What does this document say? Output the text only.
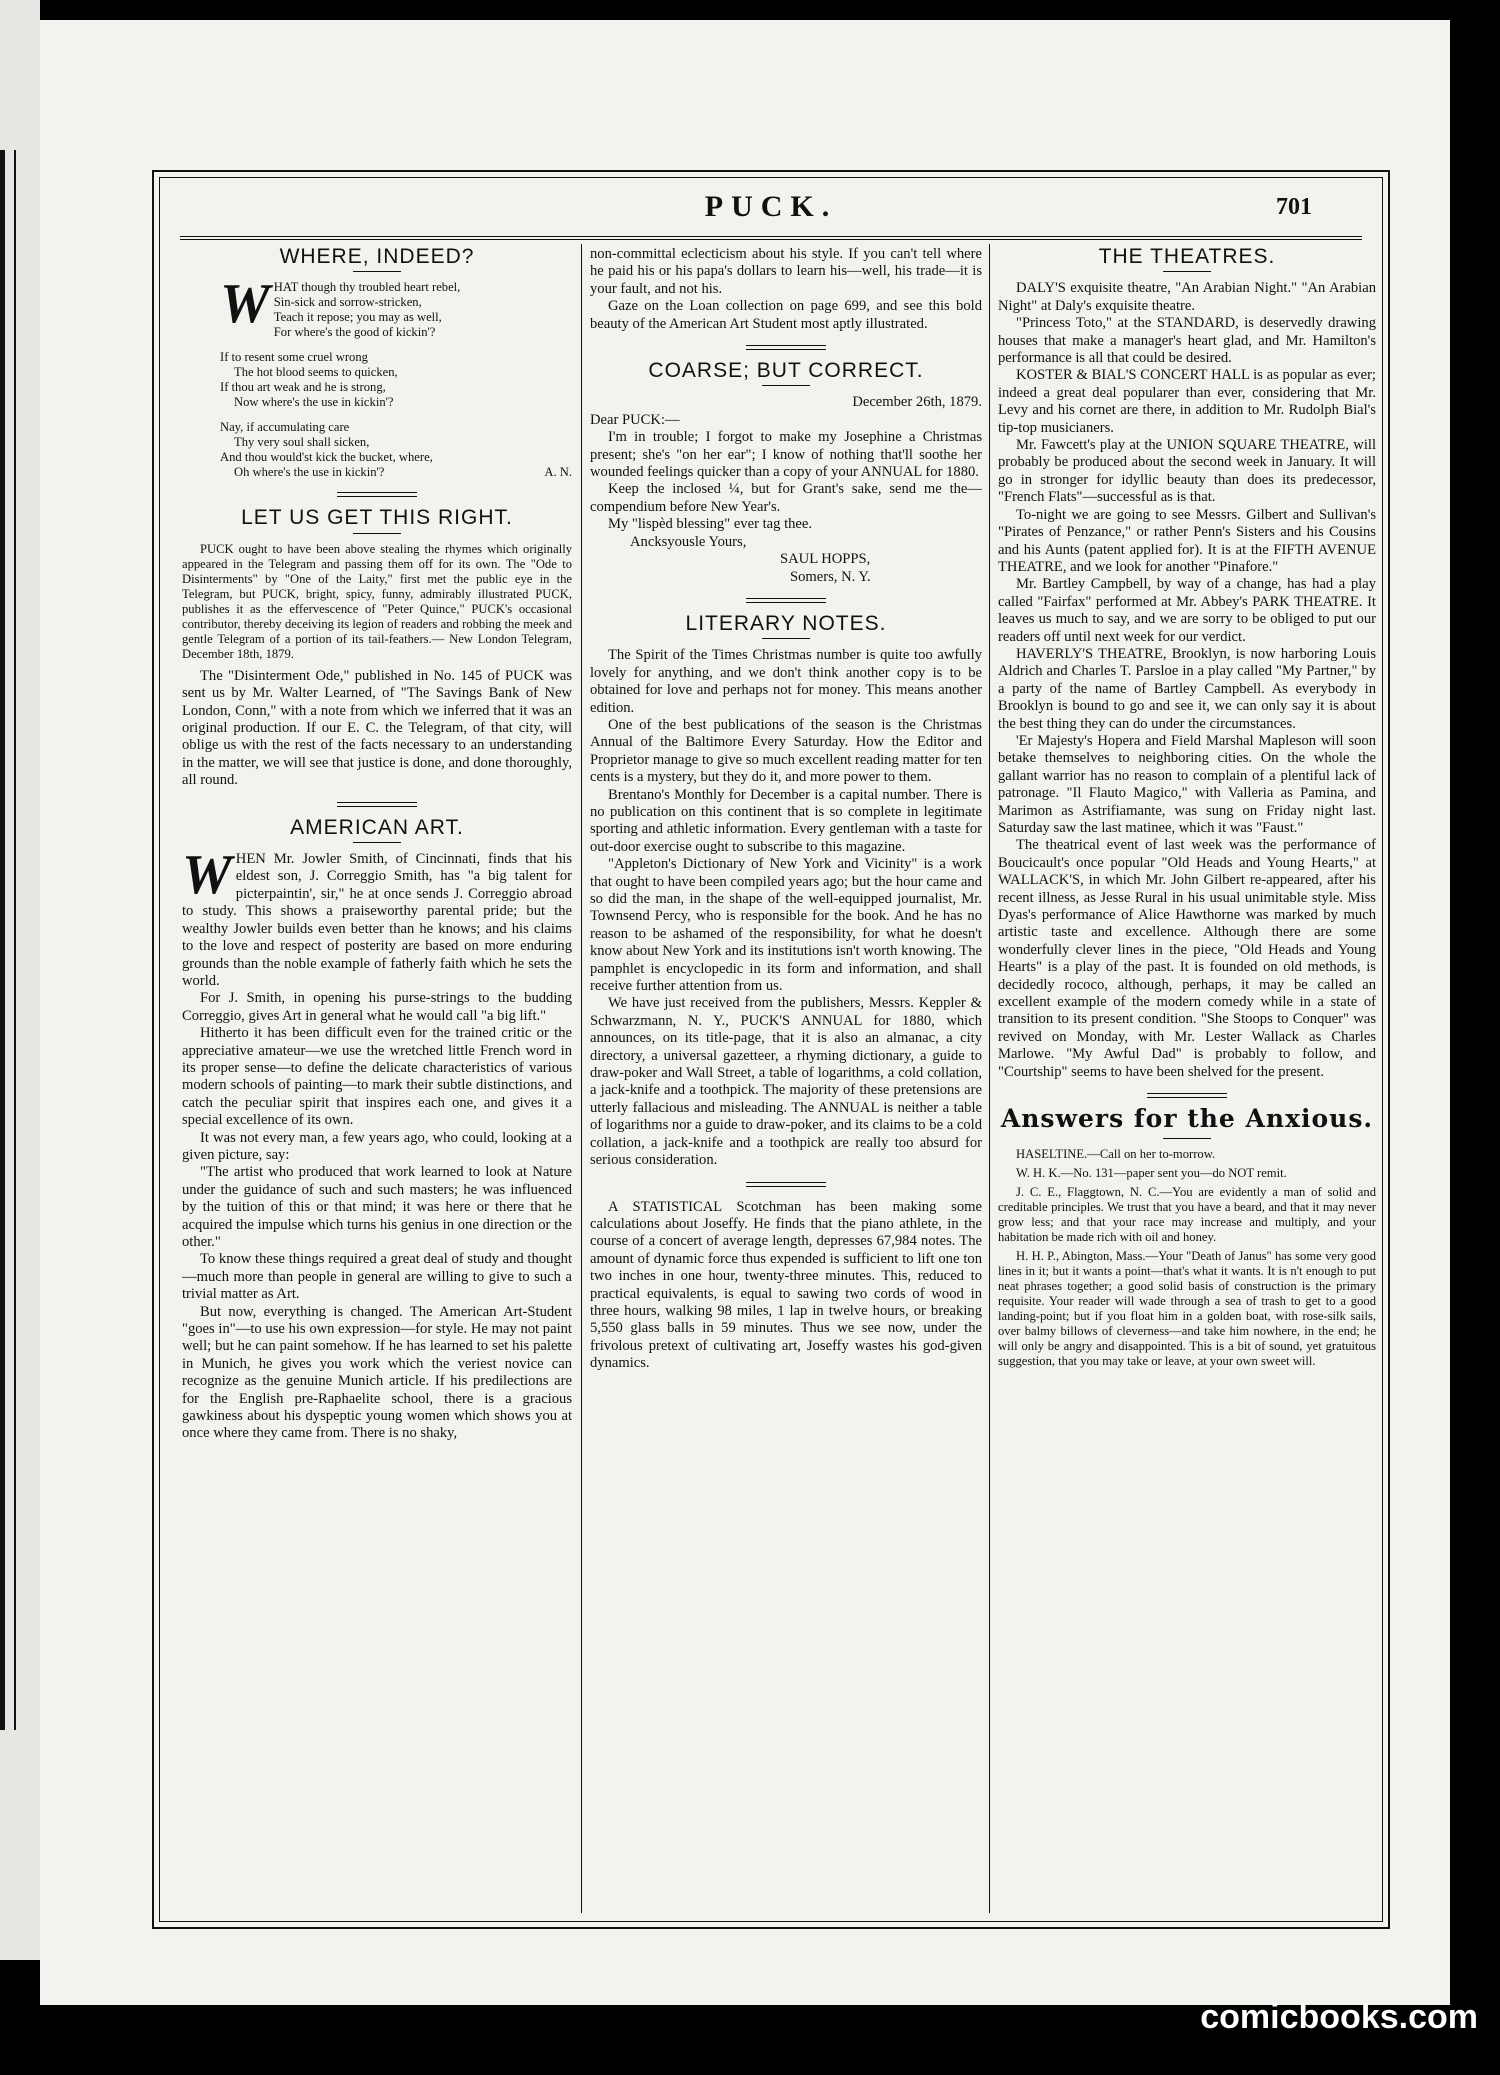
PUCK.	701
WHERE, INDEED?
W HAT though thy troubled heart rebel,
Sin-sick and sorrow-stricken,
Teach it repose; you may as well,
For where's the good of kickin'?
If to resent some cruel wrong
The hot blood seems to quicken,
If thou art weak and he is strong,
Now where's the use in kickin'?
Nay, if accumulating care
Thy very soul shall sicken,
And thou would'st kick the bucket, where,
Oh where's the use in kickin'?	A. N.
LET US GET THIS RIGHT.

PUCK ought to have been above stealing the rhymes which originally appeared in the Telegram and passing them off for its own. The "Ode to Disinterments" by "One of the Laity," first met the public eye in the Telegram, but PUCK, bright, spicy, funny, admirably illustrated PUCK, publishes it as the effervescence of "Peter Quince," PUCK's occasional contributor, thereby deceiving its legion of readers and robbing the meek and gentle Telegram of a portion of its tail-feathers.— New London Telegram, December 18th, 1879.

The "Disinterment Ode," published in No. 145 of PUCK was sent us by Mr. Walter Learned, of "The Savings Bank of New London, Conn," with a note from which we inferred that it was an original production. If our E. C. the Telegram, of that city, will oblige us with the rest of the facts necessary to an understanding in the matter, we will see that justice is done, and done thoroughly, all round.

AMERICAN ART.

WHEN Mr. Jowler Smith, of Cincinnati, finds that his eldest son, J. Correggio Smith, has "a big talent for picterpaintin', sir," he at once sends J. Correggio abroad to study. This shows a praiseworthy parental pride; but the wealthy Jowler builds even better than he knows; and his claims to the love and respect of posterity are based on more enduring grounds than the noble example of fatherly faith which he sets the world.

For J. Smith, in opening his purse-strings to the budding Correggio, gives Art in general what he would call "a big lift."

Hitherto it has been difficult even for the trained critic or the appreciative amateur—we use the wretched little French word in its proper sense—to define the delicate characteristics of various modern schools of painting—to mark their subtle distinctions, and catch the peculiar spirit that inspires each one, and gives it a special excellence of its own.

It was not every man, a few years ago, who could, looking at a given picture, say:

"The artist who produced that work learned to look at Nature under the guidance of such and such masters; he was influenced by the tuition of this or that mind; it was here or there that he acquired the impulse which turns his genius in one direction or the other."

To know these things required a great deal of study and thought—much more than people in general are willing to give to such a trivial matter as Art.

But now, everything is changed. The American Art-Student "goes in"—to use his own expression—for style. He may not paint well; but he can paint somehow. If he has learned to set his palette in Munich, he gives you work which the veriest novice can recognize as the genuine Munich article. If his predilections are for the English pre-Raphaelite school, there is a gracious gawkiness about his dyspeptic young women which shows you at once where they came from. There is no shaky,

non-committal eclecticism about his style. If you can't tell where he paid his or his papa's dollars to learn his—well, his trade—it is your fault, and not his.

Gaze on the Loan collection on page 699, and see this bold beauty of the American Art Student most aptly illustrated.

COARSE; BUT CORRECT.
December 26th, 1879.

Dear PUCK:—

I'm in trouble; I forgot to make my Josephine a Christmas present; she's "on her ear"; I know of nothing that'll soothe her wounded feelings quicker than a copy of your ANNUAL for 1880.

Keep the inclosed ¼, but for Grant's sake, send me the—compendium before New Year's.

My "lispèd blessing" ever tag thee.

Ancksyousle Yours,

SAUL HOPPS,
Somers, N. Y.
LITERARY NOTES.

The Spirit of the Times Christmas number is quite too awfully lovely for anything, and we don't think another copy is to be obtained for love and perhaps not for money. This means another edition.

One of the best publications of the season is the Christmas Annual of the Baltimore Every Saturday. How the Editor and Proprietor manage to give so much excellent reading matter for ten cents is a mystery, but they do it, and more power to them.

Brentano's Monthly for December is a capital number. There is no publication on this continent that is so complete in legitimate sporting and athletic information. Every gentleman with a taste for out-door exercise ought to subscribe to this magazine.

"Appleton's Dictionary of New York and Vicinity" is a work that ought to have been compiled years ago; but the hour came and so did the man, in the shape of the well-equipped journalist, Mr. Townsend Percy, who is responsible for the book. And he has no reason to be ashamed of the responsibility, for what he doesn't know about New York and its institutions isn't worth knowing. The pamphlet is encyclopedic in its form and information, and shall receive further attention from us.

We have just received from the publishers, Messrs. Keppler & Schwarzmann, N. Y., PUCK'S ANNUAL for 1880, which announces, on its title-page, that it is also an almanac, a city directory, a universal gazetteer, a rhyming dictionary, a guide to draw-poker and Wall Street, a table of logarithms, a cold collation, a jack-knife and a toothpick. The majority of these pretensions are utterly fallacious and misleading. The ANNUAL is neither a table of logarithms nor a guide to draw-poker, and its claims to be a cold collation, a jack-knife and a toothpick are really too absurd for serious consideration.

A STATISTICAL Scotchman has been making some calculations about Joseffy. He finds that the piano athlete, in the course of a concert of average length, depresses 67,984 notes. The amount of dynamic force thus expended is sufficient to lift one ton two inches in one hour, twenty-three minutes. This, reduced to practical equivalents, is equal to sawing two cords of wood in three hours, walking 98 miles, 1 lap in twelve hours, or breaking 5,550 glass balls in 59 minutes. Thus we see now, under the frivolous pretext of cultivating art, Joseffy wastes his god-given dynamics.

THE THEATRES.

DALY'S exquisite theatre, "An Arabian Night." "An Arabian Night" at Daly's exquisite theatre.

"Princess Toto," at the STANDARD, is deservedly drawing houses that make a manager's heart glad, and Mr. Hamilton's performance is all that could be desired.

KOSTER & BIAL'S CONCERT HALL is as popular as ever; indeed a great deal popularer than ever, considering that Mr. Levy and his cornet are there, in addition to Mr. Rudolph Bial's tip-top musicianers.

Mr. Fawcett's play at the UNION SQUARE THEATRE, will probably be produced about the second week in January. It will go in stronger for idyllic beauty than does its predecessor, "French Flats"—successful as is that.

To-night we are going to see Messrs. Gilbert and Sullivan's "Pirates of Penzance," or rather Penn's Sisters and his Cousins and his Aunts (patent applied for). It is at the FIFTH AVENUE THEATRE, and we look for another "Pinafore."

Mr. Bartley Campbell, by way of a change, has had a play called "Fairfax" performed at Mr. Abbey's PARK THEATRE. It leaves us much to say, and we are sorry to be obliged to put our readers off until next week for our verdict.

HAVERLY'S THEATRE, Brooklyn, is now harboring Louis Aldrich and Charles T. Parsloe in a play called "My Partner," by a party of the name of Bartley Campbell. As everybody in Brooklyn is bound to go and see it, we can only say it is about the best thing they can do under the circumstances.

'Er Majesty's Hopera and Field Marshal Mapleson will soon betake themselves to neighboring cities. On the whole the gallant warrior has no reason to complain of a plentiful lack of patronage. "Il Flauto Magico," with Valleria as Pamina, and Marimon as Astrifiamante, was sung on Friday night last. Saturday saw the last matinee, which it was "Faust."

The theatrical event of last week was the performance of Boucicault's once popular "Old Heads and Young Hearts," at WALLACK'S, in which Mr. John Gilbert re-appeared, after his recent illness, as Jesse Rural in his usual unimitable style. Miss Dyas's performance of Alice Hawthorne was marked by much artistic taste and excellence. Although there are some wonderfully clever lines in the piece, "Old Heads and Young Hearts" is a play of the past. It is founded on old methods, is decidedly rococo, although, perhaps, it may be called an excellent example of the modern comedy while in a state of transition to its present condition. "She Stoops to Conquer" was revived on Monday, with Mr. Lester Wallack as Charles Marlowe. "My Awful Dad" is probably to follow, and "Courtship" seems to have been shelved for the present.

Answers for the Anxious.

HASELTINE.—Call on her to-morrow.

W. H. K.—No. 131—paper sent you—do NOT remit.

J. C. E., Flaggtown, N. C.—You are evidently a man of solid and creditable principles. We trust that you have a beard, and that it may never grow less; and that your race may increase and multiply, and your habitation be made rich with oil and honey.

H. H. P., Abington, Mass.—Your "Death of Janus" has some very good lines in it; but it wants a point—that's what it wants. It is n't enough to put neat phrases together; a good solid basis of construction is the primary requisite. Your reader will wade through a sea of trash to get to a good landing-point; but if you float him in a golden boat, with rose-silk sails, over balmy billows of cleverness—and take him nowhere, in the end; he will only be angry and disappointed. This is a bit of sound, yet gratuitous suggestion, that you may take or leave, at your own sweet will.

comicbooks.com
